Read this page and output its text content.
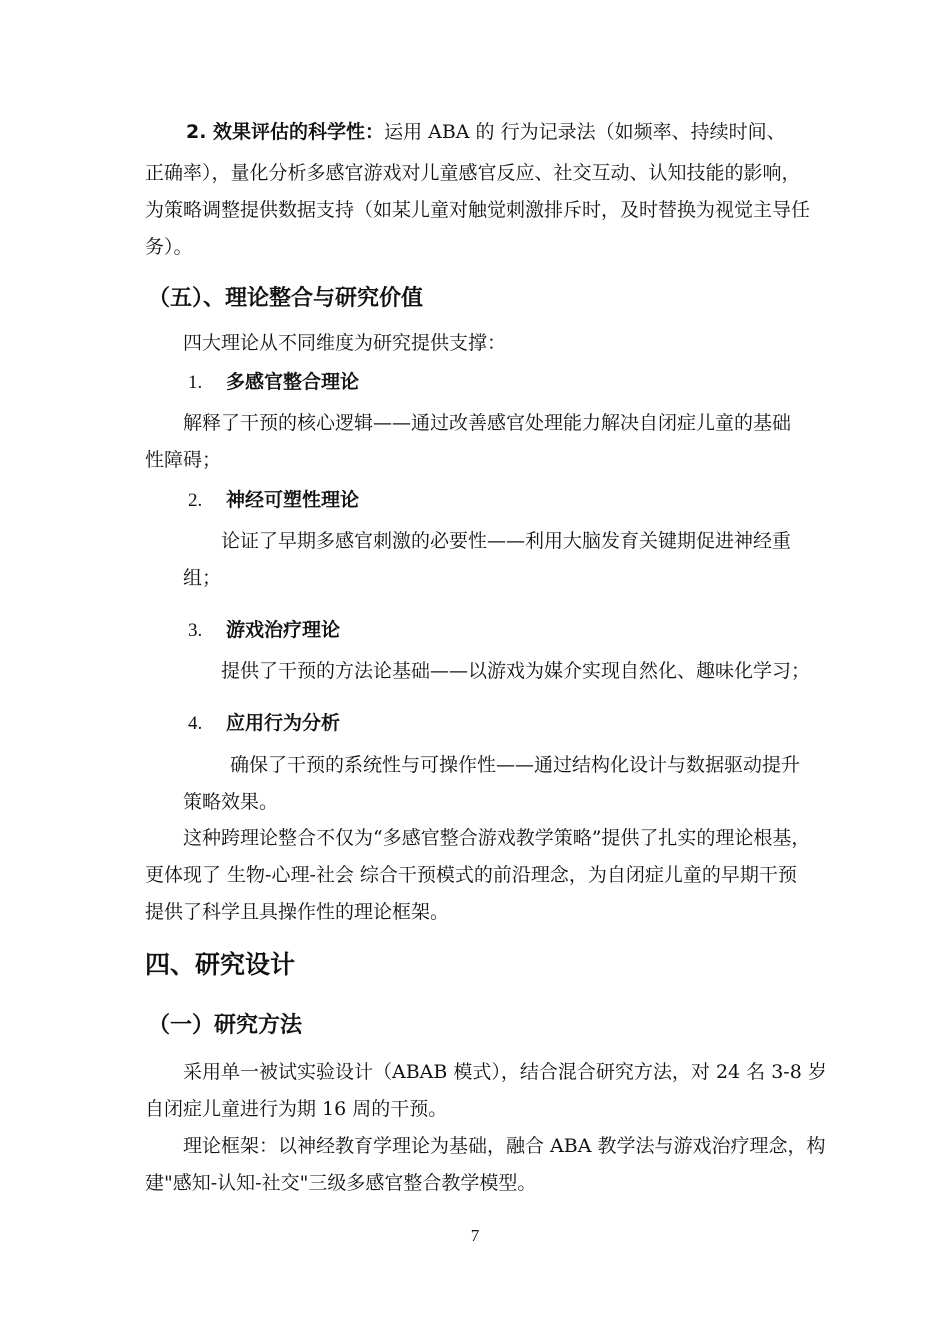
2. 效果评估的科学性：运用 ABA 的 行为记录法（如频率、持续时间、
正确率），量化分析多感官游戏对儿童感官反应、社交互动、认知技能的影响，
为策略调整提供数据支持（如某儿童对触觉刺激排斥时，及时替换为视觉主导任
务）。
（五）、理论整合与研究价值
四大理论从不同维度为研究提供支撑：
1. 多感官整合理论
解释了干预的核心逻辑——通过改善感官处理能力解决自闭症儿童的基础
性障碍；
2. 神经可塑性理论
论证了早期多感官刺激的必要性——利用大脑发育关键期促进神经重
组；
3. 游戏治疗理论
提供了干预的方法论基础——以游戏为媒介实现自然化、趣味化学习；
4. 应用行为分析
确保了干预的系统性与可操作性——通过结构化设计与数据驱动提升
策略效果。
这种跨理论整合不仅为“多感官整合游戏教学策略”提供了扎实的理论根基，
更体现了 生物-心理-社会 综合干预模式的前沿理念，为自闭症儿童的早期干预
提供了科学且具操作性的理论框架。
四、研究设计
（一）研究方法
采用单一被试实验设计（ABAB 模式），结合混合研究方法，对 24 名 3-8 岁
自闭症儿童进行为期 16 周的干预。
理论框架：以神经教育学理论为基础，融合 ABA 教学法与游戏治疗理念，构
建"感知-认知-社交"三级多感官整合教学模型。
7
